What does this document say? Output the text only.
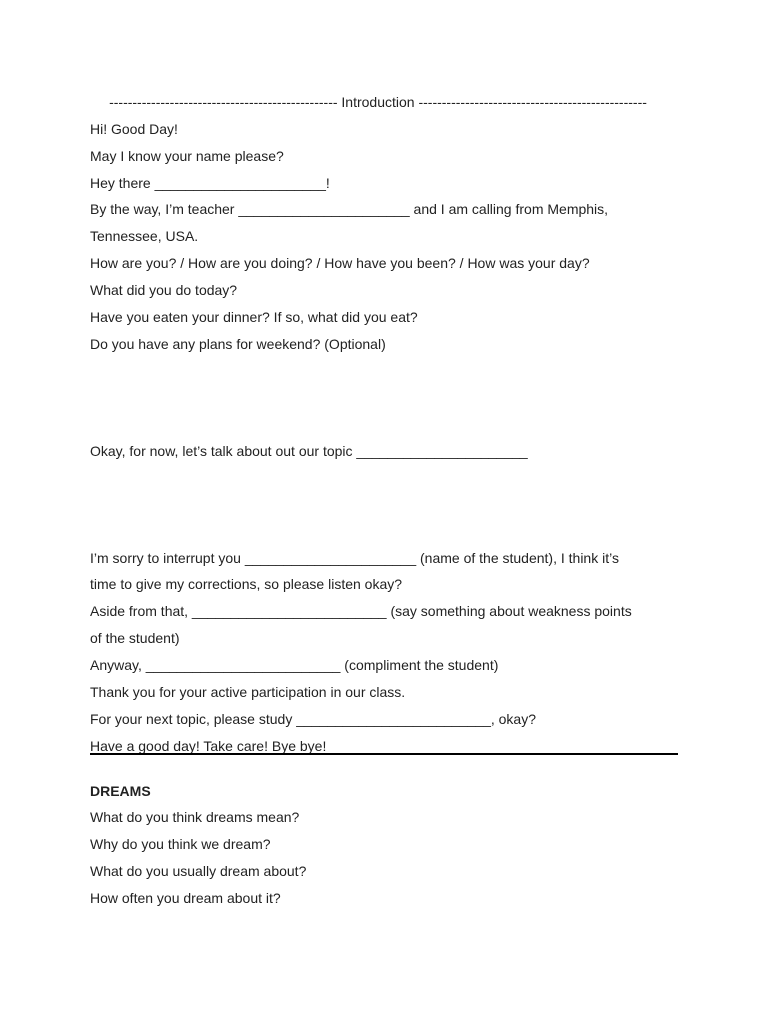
------------------------------------------------- Introduction -------------------------------------------------
Hi! Good Day!
May I know your name please?
Hey there ______________________!
By the way, I’m teacher ______________________ and I am calling from Memphis,
Tennessee, USA.
How are you? / How are you doing? / How have you been? / How was your day?
What did you do today?
Have you eaten your dinner? If so, what did you eat?
Do you have any plans for weekend? (Optional)
Okay, for now, let’s talk about out our topic ______________________
I’m sorry to interrupt you ______________________ (name of the student), I think it’s
time to give my corrections, so please listen okay?
Aside from that, _________________________ (say something about weakness points
of the student)
Anyway, _________________________ (compliment the student)
Thank you for your active participation in our class.
For your next topic, please study _________________________, okay?
Have a good day! Take care! Bye bye!
DREAMS
What do you think dreams mean?
Why do you think we dream?
What do you usually dream about?
How often you dream about it?
